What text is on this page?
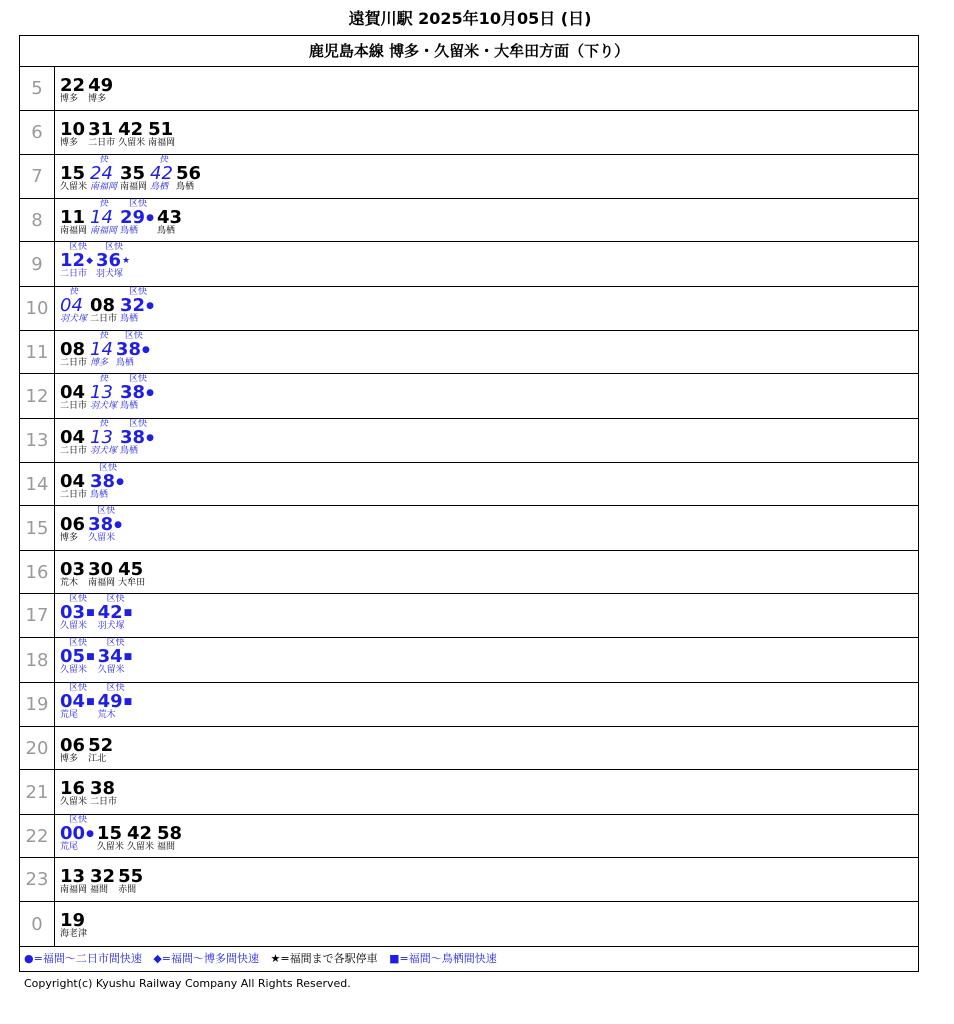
遠賀川駅 2025年10月05日 (日)
鹿児島本線 博多・久留米・大牟田方面（下り）
5 22
博多
49
博多
6 10
博多
31
二日市
42
久留米
51
南福岡
7 15
久留米
快
24
南福岡
35
南福岡
快
42
鳥栖
56
鳥栖
8 11
南福岡
快
14
南福岡
区快
29●
鳥栖
43
鳥栖
9
区快
12◆
二日市
区快
36★
羽犬塚
10
快
04
羽犬塚
08
二日市
区快
32●
鳥栖
11 08
二日市
快
14
博多
区快
38●
鳥栖
12 04
二日市
快
13
羽犬塚
区快
38●
鳥栖
13 04
二日市
快
13
羽犬塚
区快
38●
鳥栖
14 04
二日市
区快
38●
鳥栖
15 06
博多
区快
38●
久留米
16 03
荒木
30
南福岡
45
大牟田
17
区快
03■
久留米
区快
42■
羽犬塚
18
区快
05■
久留米
区快
34■
久留米
19
区快
04■
荒尾
区快
49■
荒木
20 06
博多
52
江北
21 16
久留米
38
二日市
22
区快
00●
荒尾
15
久留米
42
久留米
58
福間
23 13
南福岡
32
福間
55
赤間
0 19
海老津
●=福間～二日市間快速 ◆=福間～博多間快速 ★=福間まで各駅停車 ■=福間～鳥栖間快速
Copyright(c) Kyushu Railway Company All Rights Reserved.
